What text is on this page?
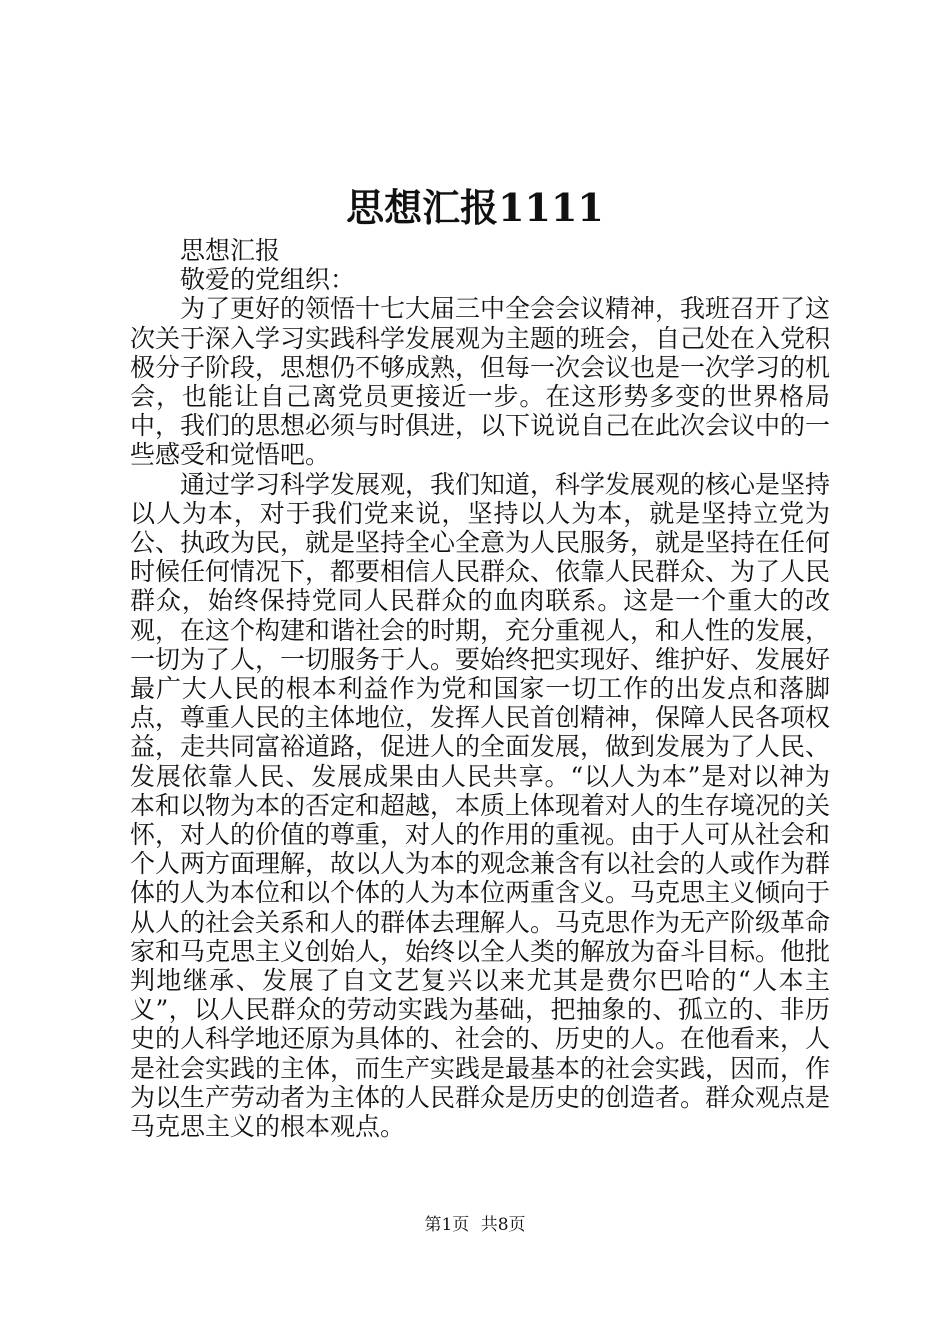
思想汇报1111

思想汇报

敬爱的党组织：

为了更好的领悟十七大届三中全会会议精神，我班召开了这次关于深入学习实践科学发展观为主题的班会，自己处在入党积极分子阶段，思想仍不够成熟，但每一次会议也是一次学习的机会，也能让自己离党员更接近一步。在这形势多变的世界格局中，我们的思想必须与时俱进，以下说说自己在此次会议中的一些感受和觉悟吧。

通过学习科学发展观，我们知道，科学发展观的核心是坚持以人为本，对于我们党来说，坚持以人为本，就是坚持立党为公、执政为民，就是坚持全心全意为人民服务，就是坚持在任何时候任何情况下，都要相信人民群众、依靠人民群众、为了人民群众，始终保持党同人民群众的血肉联系。这是一个重大的改观，在这个构建和谐社会的时期，充分重视人，和人性的发展，一切为了人，一切服务于人。要始终把实现好、维护好、发展好最广大人民的根本利益作为党和国家一切工作的出发点和落脚点，尊重人民的主体地位，发挥人民首创精神，保障人民各项权益，走共同富裕道路，促进人的全面发展，做到发展为了人民、发展依靠人民、发展成果由人民共享。“以人为本”是对以神为本和以物为本的否定和超越，本质上体现着对人的生存境况的关怀，对人的价值的尊重，对人的作用的重视。由于人可从社会和个人两方面理解，故以人为本的观念兼含有以社会的人或作为群体的人为本位和以个体的人为本位两重含义。马克思主义倾向于从人的社会关系和人的群体去理解人。马克思作为无产阶级革命家和马克思主义创始人，始终以全人类的解放为奋斗目标。他批判地继承、发展了自文艺复兴以来尤其是费尔巴哈的“人本主义”，以人民群众的劳动实践为基础，把抽象的、孤立的、非历史的人科学地还原为具体的、社会的、历史的人。在他看来，人是社会实践的主体，而生产实践是最基本的社会实践，因而，作为以生产劳动者为主体的人民群众是历史的创造者。群众观点是马克思主义的根本观点。

第1页 共8页
